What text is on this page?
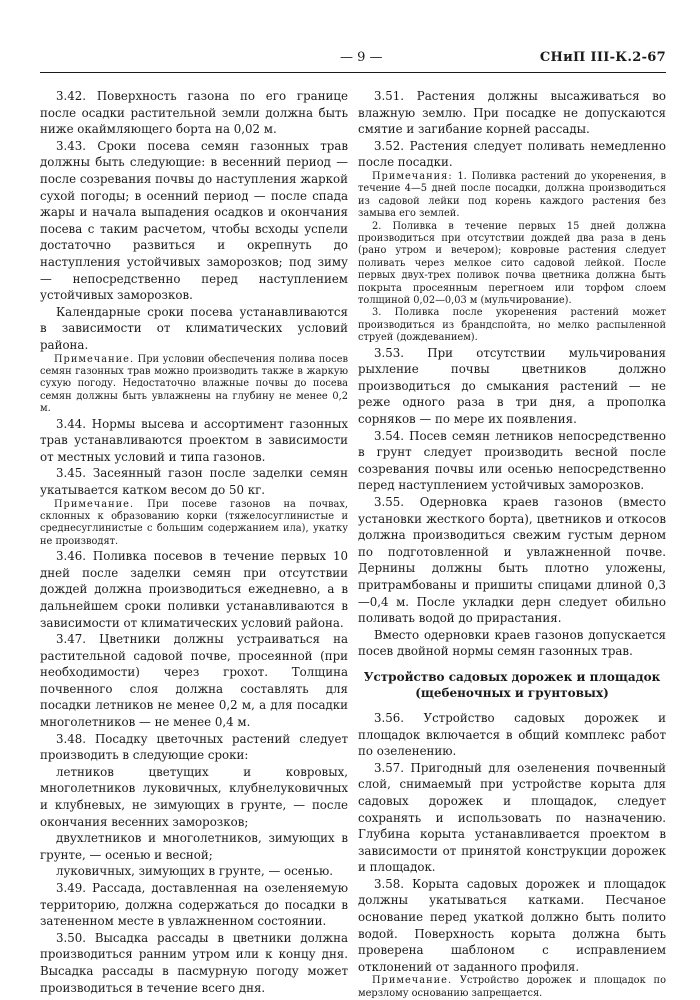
— 9 —	СНиП III-К.2-67

3.42. Поверхность газона по его границе после осадки растительной земли должна быть ниже окаймляющего борта на 0,02 м.

3.43. Сроки посева семян газонных трав должны быть следующие: в весенний период — после созревания почвы до наступления жаркой сухой погоды; в осенний период — после спада жары и начала выпадения осадков и окончания посева с таким расчетом, чтобы всходы успели достаточно развиться и окрепнуть до наступления устойчивых заморозков; под зиму — непосредственно перед наступлением устойчивых заморозков.

Календарные сроки посева устанавливаются в зависимости от климатических условий района.

Примечание. При условии обеспечения полива посев семян газонных трав можно производить также в жаркую сухую погоду. Недостаточно влажные почвы до посева семян должны быть увлажнены на глубину не менее 0,2 м.

3.44. Нормы высева и ассортимент газонных трав устанавливаются проектом в зависимости от местных условий и типа газонов.

3.45. Засеянный газон после заделки семян укатывается катком весом до 50 кг.

Примечание. При посеве газонов на почвах, склонных к образованию корки (тяжелосуглинистые и среднесуглинистые с большим содержанием ила), укатку не производят.

3.46. Поливка посевов в течение первых 10 дней после заделки семян при отсутствии дождей должна производиться ежедневно, а в дальнейшем сроки поливки устанавливаются в зависимости от климатических условий района.

3.47. Цветники должны устраиваться на растительной садовой почве, просеянной (при необходимости) через грохот. Толщина почвенного слоя должна составлять для посадки летников не менее 0,2 м, а для посадки многолетников — не менее 0,4 м.

3.48. Посадку цветочных растений следует производить в следующие сроки:

летников цветущих и ковровых, многолетников луковичных, клубнелуковичных и клубневых, не зимующих в грунте, — после окончания весенних заморозков;

двухлетников и многолетников, зимующих в грунте, — осенью и весной;

луковичных, зимующих в грунте, — осенью.

3.49. Рассада, доставленная на озеленяемую территорию, должна содержаться до посадки в затененном месте в увлажненном состоянии.

3.50. Высадка рассады в цветники должна производиться ранним утром или к концу дня. Высадка рассады в пасмурную погоду может производиться в течение всего дня.

3.51. Растения должны высаживаться во влажную землю. При посадке не допускаются смятие и загибание корней рассады.

3.52. Растения следует поливать немедленно после посадки.

Примечания: 1. Поливка растений до укоренения, в течение 4—5 дней после посадки, должна производиться из садовой лейки под корень каждого растения без замыва его землей.

2. Поливка в течение первых 15 дней должна производиться при отсутствии дождей два раза в день (рано утром и вечером); ковровые растения следует поливать через мелкое сито садовой лейкой. После первых двух-трех поливок почва цветника должна быть покрыта просеянным перегноем или торфом слоем толщиной 0,02—0,03 м (мульчирование).

3. Поливка после укоренения растений может производиться из брандспойта, но мелко распыленной струей (дождеванием).

3.53. При отсутствии мульчирования рыхление почвы цветников должно производиться до смыкания растений — не реже одного раза в три дня, а прополка сорняков — по мере их появления.

3.54. Посев семян летников непосредственно в грунт следует производить весной после созревания почвы или осенью непосредственно перед наступлением устойчивых заморозков.

3.55. Одерновка краев газонов (вместо установки жесткого борта), цветников и откосов должна производиться свежим густым дерном по подготовленной и увлажненной почве. Дернины должны быть плотно уложены, притрамбованы и пришиты спицами длиной 0,3—0,4 м. После укладки дерн следует обильно поливать водой до прирастания.

Вместо одерновки краев газонов допускается посев двойной нормы семян газонных трав.

Устройство садовых дорожек и площадок (щебеночных и грунтовых)

3.56. Устройство садовых дорожек и площадок включается в общий комплекс работ по озеленению.

3.57. Пригодный для озеленения почвенный слой, снимаемый при устройстве корыта для садовых дорожек и площадок, следует сохранять и использовать по назначению. Глубина корыта устанавливается проектом в зависимости от принятой конструкции дорожек и площадок.

3.58. Корыта садовых дорожек и площадок должны укатываться катками. Песчаное основание перед укаткой должно быть полито водой. Поверхность корыта должна быть проверена шаблоном с исправлением отклонений от заданного профиля.

Примечание. Устройство дорожек и площадок по мерзлому основанию запрещается.
